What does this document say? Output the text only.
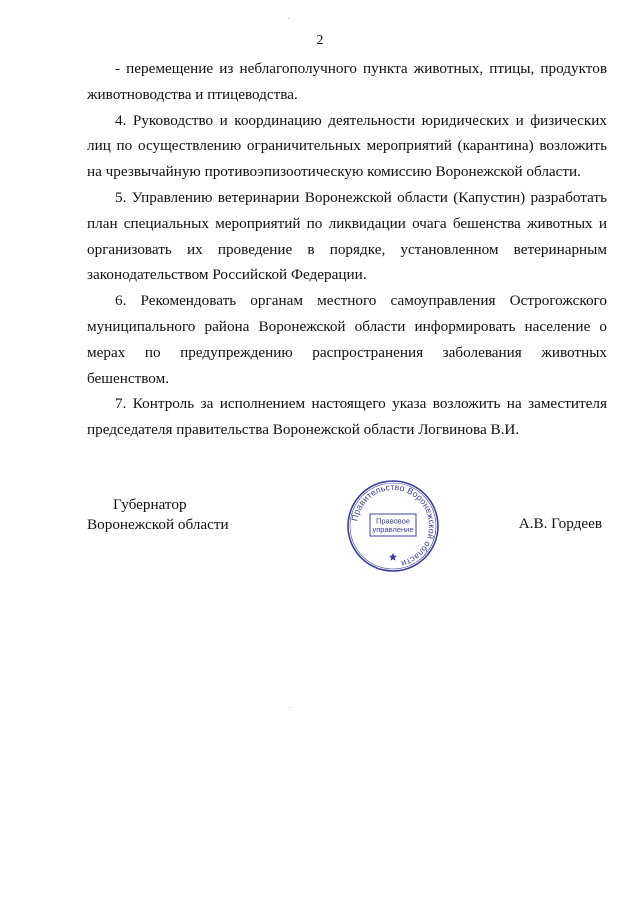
2

- перемещение из неблагополучного пункта животных, птицы, продуктов животноводства и птицеводства.

4. Руководство и координацию деятельности юридических и физических лиц по осуществлению ограничительных мероприятий (карантина) возложить на чрезвычайную противоэпизоотическую комиссию Воронежской области.

5. Управлению ветеринарии Воронежской области (Капустин) разработать план специальных мероприятий по ликвидации очага бешенства животных и организовать их проведение в порядке, установленном ветеринарным законодательством Российской Федерации.

6. Рекомендовать органам местного самоуправления Острогожского муниципального района Воронежской области информировать население о мерах по предупреждению распространения заболевания животных бешенством.

7. Контроль за исполнением настоящего указа возложить на заместителя председателя правительства Воронежской области Логвинова В.И.

Губернатор
Воронежской области	Правительство Воронежской области
Правовое
управление	А.В. Гордеев
